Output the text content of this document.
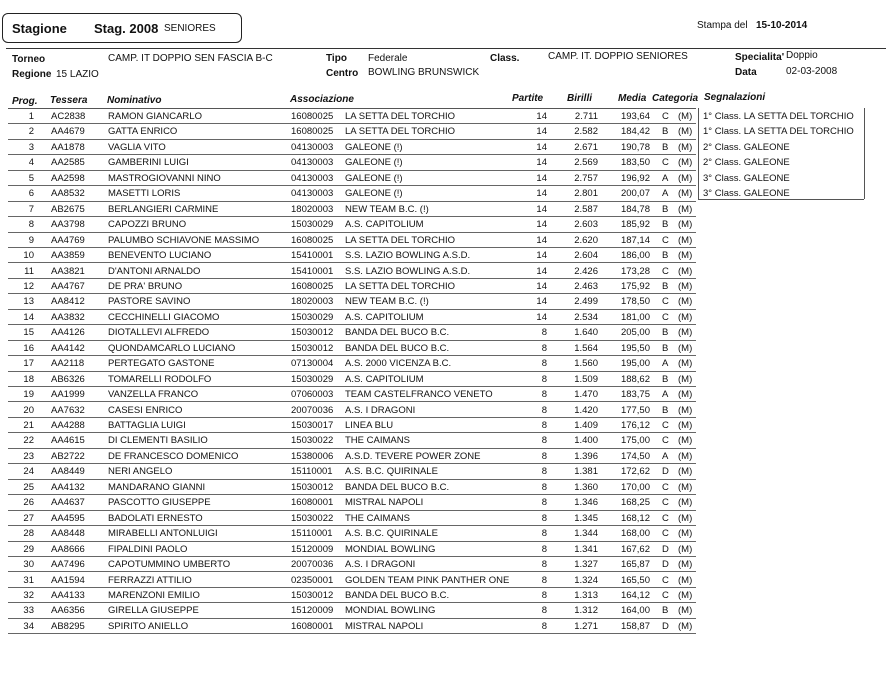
Stagione Stag. 2008 SENIORES	Stampa del 15-10-2014
Torneo	CAMP. IT DOPPIO SEN FASCIA B-C	Tipo Federale	Class.	CAMP. IT. DOPPIO SENIORES	Specialita' Doppio
Regione 15 LAZIO	Centro BOWLING BRUNSWICK	Data	02-03-2008
Prog. Tessera Nominativo	Associazione	Partite Birilli	Media Categoria Segnalazioni
1 AC2838 RAMON GIANCARLO	16080025 LA SETTA DEL TORCHIO	14	2.711	193,64 C (M) 1° Class. LA SETTA DEL TORCHIO
2 AA4679 GATTA ENRICO	16080025 LA SETTA DEL TORCHIO	14	2.582	184,42 B (M) 1° Class. LA SETTA DEL TORCHIO
3 AA1878 VAGLIA VITO	04130003 GALEONE (!)	14	2.671	190,78 B (M) 2° Class. GALEONE
4 AA2585 GAMBERINI LUIGI	04130003 GALEONE (!)	14	2.569	183,50 C (M) 2° Class. GALEONE
5 AA2598 MASTROGIOVANNI NINO	04130003 GALEONE (!)	14	2.757	196,92 A (M) 3° Class. GALEONE
6 AA8532 MASETTI LORIS	04130003 GALEONE (!)	14	2.801	200,07 A (M) 3° Class. GALEONE
7 AB2675 BERLANGIERI CARMINE	18020003 NEW TEAM B.C. (!)	14	2.587	184,78 B (M)
8 AA3798 CAPOZZI BRUNO	15030029 A.S. CAPITOLIUM	14	2.603	185,92 B (M)
9 AA4769 PALUMBO SCHIAVONE MASSIMO	16080025 LA SETTA DEL TORCHIO	14	2.620	187,14 C (M)
10 AA3859 BENEVENTO LUCIANO	15410001 S.S. LAZIO BOWLING A.S.D.	14	2.604	186,00 B (M)
11 AA3821 D'ANTONI ARNALDO	15410001 S.S. LAZIO BOWLING A.S.D.	14	2.426	173,28 C (M)
12 AA4767 DE PRA' BRUNO	16080025 LA SETTA DEL TORCHIO	14	2.463	175,92 B (M)
13 AA8412 PASTORE SAVINO	18020003 NEW TEAM B.C. (!)	14	2.499	178,50 C (M)
14 AA3832 CECCHINELLI GIACOMO	15030029 A.S. CAPITOLIUM	14	2.534	181,00 C (M)
15 AA4126 DIOTALLEVI ALFREDO	15030012 BANDA DEL BUCO B.C.	8	1.640	205,00 B (M)
16 AA4142 QUONDAMCARLO LUCIANO	15030012 BANDA DEL BUCO B.C.	8	1.564	195,50 B (M)
17 AA2118	PERTEGATO GASTONE	07130004 A.S. 2000 VICENZA B.C.	8	1.560	195,00 A (M)
18 AB6326 TOMARELLI RODOLFO	15030029 A.S. CAPITOLIUM	8	1.509	188,62 B (M)
19 AA1999 VANZELLA FRANCO	07060003 TEAM CASTELFRANCO VENETO	8	1.470	183,75 A (M)
20 AA7632 CASESI ENRICO	20070036 A.S. I DRAGONI	8	1.420	177,50 B (M)
21 AA4288 BATTAGLIA LUIGI	15030017 LINEA BLU	8	1.409	176,12 C (M)
22 AA4615 DI CLEMENTI BASILIO	15030022 THE CAIMANS	8	1.400	175,00 C (M)
23 AB2722 DE FRANCESCO DOMENICO	15380006 A.S.D. TEVERE POWER ZONE	8	1.396	174,50 A (M)
24 AA8449 NERI ANGELO	15110001 A.S. B.C. QUIRINALE	8	1.381	172,62 D (M)
25 AA4132 MANDARANO GIANNI	15030012 BANDA DEL BUCO B.C.	8	1.360	170,00 C (M)
26 AA4637 PASCOTTO GIUSEPPE	16080001 MISTRAL NAPOLI	8	1.346	168,25 C (M)
27 AA4595 BADOLATI ERNESTO	15030022 THE CAIMANS	8	1.345	168,12 C (M)
28 AA8448 MIRABELLI ANTONLUIGI	15110001 A.S. B.C. QUIRINALE	8	1.344	168,00 C (M)
29 AA8666 FIPALDINI PAOLO	15120009 MONDIAL BOWLING	8	1.341	167,62 D (M)
30 AA7496 CAPOTUMMINO UMBERTO	20070036 A.S. I DRAGONI	8	1.327	165,87 D (M)
31 AA1594 FERRAZZI ATTILIO	02350001 GOLDEN TEAM PINK PANTHER ONE	8	1.324	165,50 C (M)
32 AA4133 MARENZONI EMILIO	15030012 BANDA DEL BUCO B.C.	8	1.313	164,12 C (M)
33 AA6356 GIRELLA GIUSEPPE	15120009 MONDIAL BOWLING	8	1.312	164,00 B (M)
34 AB8295 SPIRITO ANIELLO	16080001 MISTRAL NAPOLI	8	1.271	158,87 D (M)
